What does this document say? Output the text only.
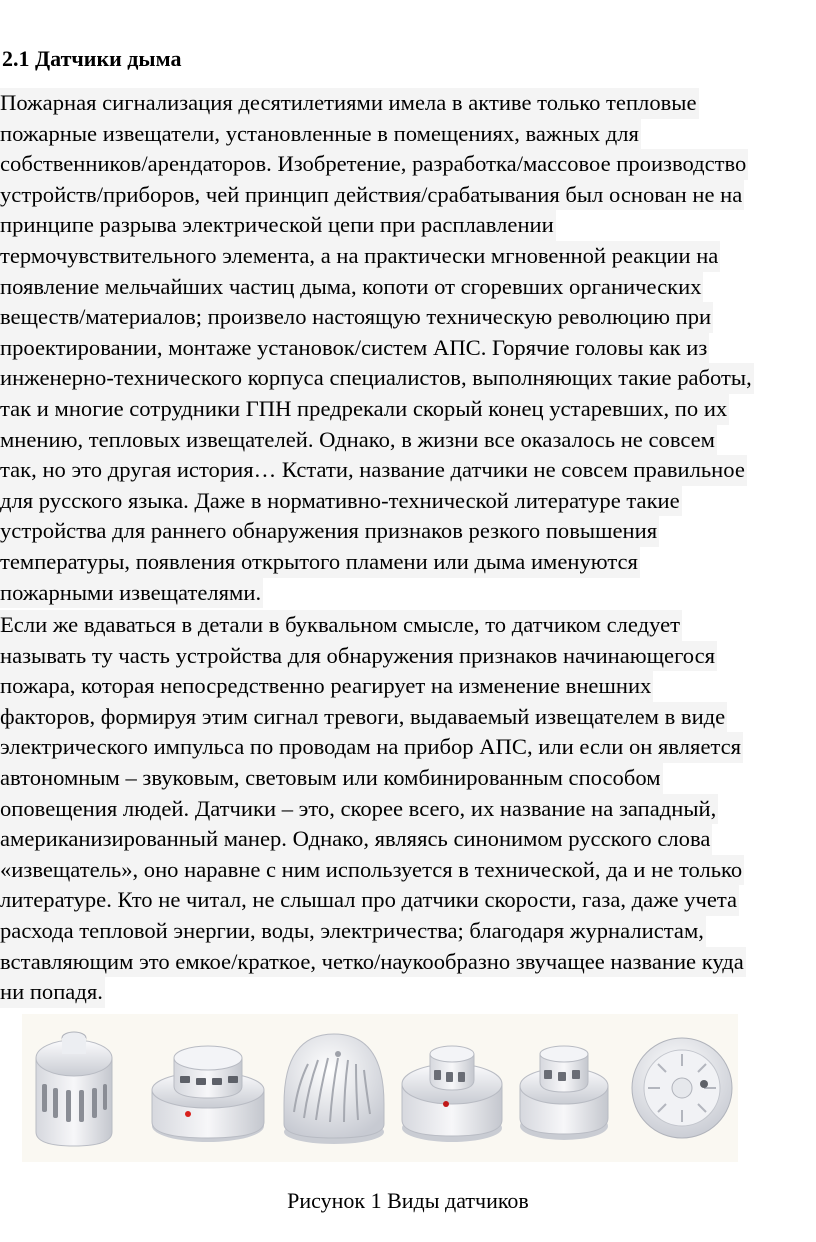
2.1 Датчики дыма
Пожарная сигнализация десятилетиями имела в активе только тепловые
пожарные извещатели, установленные в помещениях, важных для
собственников/арендаторов. Изобретение, разработка/массовое производство
устройств/приборов, чей принцип действия/срабатывания был основан не на
принципе разрыва электрической цепи при расплавлении
термочувствительного элемента, а на практически мгновенной реакции на
появление мельчайших частиц дыма, копоти от сгоревших органических
веществ/материалов; произвело настоящую техническую революцию при
проектировании, монтаже установок/систем АПС. Горячие головы как из
инженерно-технического корпуса специалистов, выполняющих такие работы,
так и многие сотрудники ГПН предрекали скорый конец устаревших, по их
мнению, тепловых извещателей. Однако, в жизни все оказалось не совсем
так, но это другая история… Кстати, название датчики не совсем правильное
для русского языка. Даже в нормативно-технической литературе такие
устройства для раннего обнаружения признаков резкого повышения
температуры, появления открытого пламени или дыма именуются
пожарными извещателями.
Если же вдаваться в детали в буквальном смысле, то датчиком следует
называть ту часть устройства для обнаружения признаков начинающегося
пожара, которая непосредственно реагирует на изменение внешних
факторов, формируя этим сигнал тревоги, выдаваемый извещателем в виде
электрического импульса по проводам на прибор АПС, или если он является
автономным – звуковым, световым или комбинированным способом
оповещения людей. Датчики – это, скорее всего, их название на западный,
американизированный манер. Однако, являясь синонимом русского слова
«извещатель», оно наравне с ним используется в технической, да и не только
литературе. Кто не читал, не слышал про датчики скорости, газа, даже учета
расхода тепловой энергии, воды, электричества; благодаря журналистам,
вставляющим это емкое/краткое, четко/наукообразно звучащее название куда
ни попадя.

Рисунок 1 Виды датчиков
